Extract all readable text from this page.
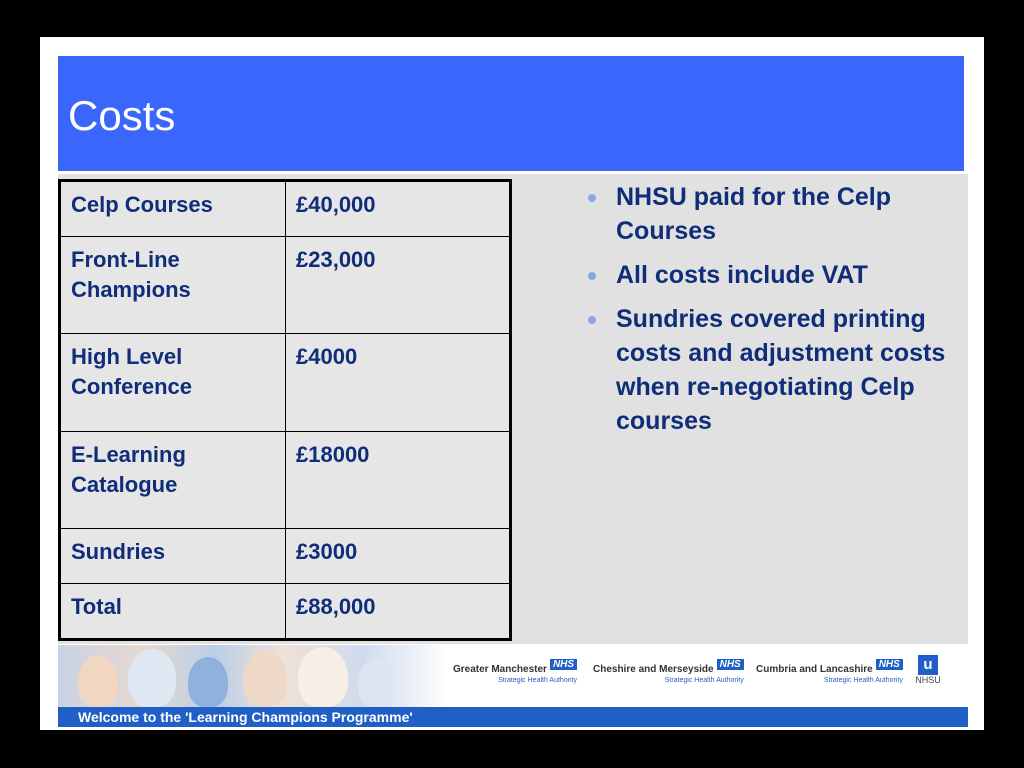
Costs
Celp Courses	£40,000
Front-Line Champions	£23,000
High Level Conference	£4000
E-Learning Catalogue	£18000
Sundries	£3000
Total	£88,000
NHSU paid for the Celp Courses
All costs include VAT
Sundries covered printing costs and adjustment costs when re-negotiating Celp courses
Greater Manchester NHS
Strategic Health Authority
Cheshire and Merseyside NHS
Strategic Health Authority
Cumbria and Lancashire NHS
Strategic Health Authority
u
NHSU
Welcome to the 'Learning Champions Programme'
